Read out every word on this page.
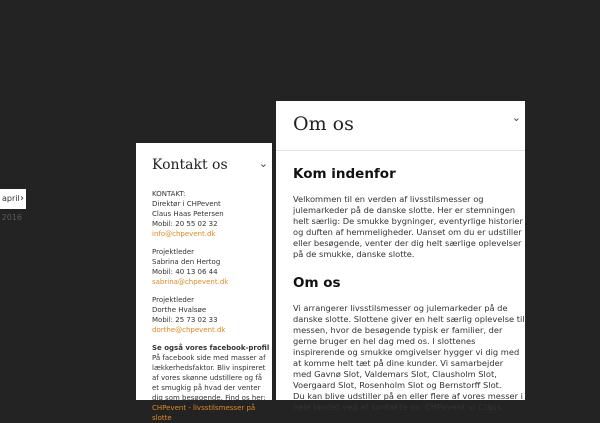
april ›
2016
Kontakt os	⌄
KONTAKT:
Direktør i CHPevent
Claus Haas Petersen
Mobil: 20 55 02 32
info@chpevent.dk
Projektleder
Sabrina den Hertog
Mobil: 40 13 06 44
sabrina@chpevent.dk
Projektleder
Dorthe Hvalsøe
Mobil: 25 73 02 33
dorthe@chpevent.dk
Se også vores facebook-profil
På facebook side med masser af
lækkerhedsfaktor. Bliv inspireret
af vores skønne udstillere og få
et smugkig på hvad der venter
dig som besøgende. Find os her:
CHPevent - livsstilsmesser på
slotte
Om os	⌄
Kom indenfor

Velkommen til en verden af livsstilsmesser og
julemarkeder på de danske slotte. Her er stemningen
helt særlig: De smukke bygninger, eventyrlige historier
og duften af hemmeligheder. Uanset om du er udstiller
eller besøgende, venter der dig helt særlige oplevelser
på de smukke, danske slotte.

Om os

Vi arrangerer livsstilsmesser og julemarkeder på de
danske slotte. Slottene giver en helt særlig oplevelse til
messen, hvor de besøgende typisk er familier, der
gerne bruger en hel dag med os. I slottenes
inspirerende og smukke omgivelser hygger vi dig med
at komme helt tæt på dine kunder. Vi samarbejder
med Gavnø Slot, Valdemars Slot, Clausholm Slot,
Voergaard Slot, Rosenholm Slot og Bernstorff Slot.
Du kan blive udstiller på en eller flere af vores messer i
hele landet ved at kontakte os: CHPevent v/ Claus
